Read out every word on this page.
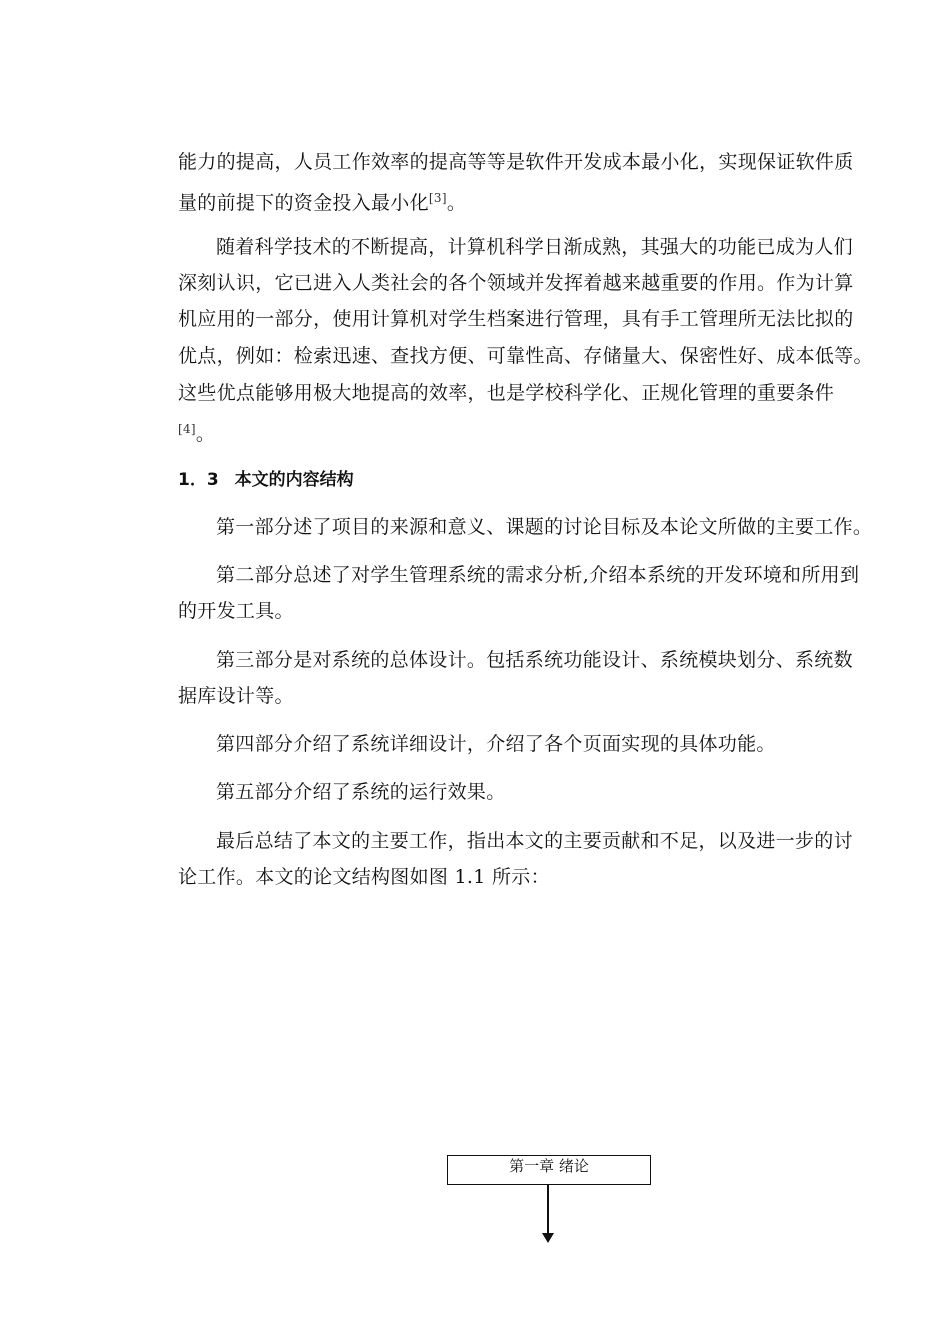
能力的提高，人员工作效率的提高等等是软件开发成本最小化，实现保证软件质
量的前提下的资金投入最小化[3]。
随着科学技术的不断提高，计算机科学日渐成熟，其强大的功能已成为人们
深刻认识，它已进入人类社会的各个领域并发挥着越来越重要的作用。作为计算
机应用的一部分，使用计算机对学生档案进行管理，具有手工管理所无法比拟的
优点，例如：检索迅速、查找方便、可靠性高、存储量大、保密性好、成本低等。
这些优点能够用极大地提高的效率，也是学校科学化、正规化管理的重要条件
[4]。
1．3 本文的内容结构
第一部分述了项目的来源和意义、课题的讨论目标及本论文所做的主要工作。
第二部分总述了对学生管理系统的需求分析,介绍本系统的开发环境和所用到
的开发工具。
第三部分是对系统的总体设计。包括系统功能设计、系统模块划分、系统数
据库设计等。
第四部分介绍了系统详细设计，介绍了各个页面实现的具体功能。
第五部分介绍了系统的运行效果。
最后总结了本文的主要工作，指出本文的主要贡献和不足，以及进一步的讨
论工作。本文的论文结构图如图 1.1 所示：
第一章 绪论
